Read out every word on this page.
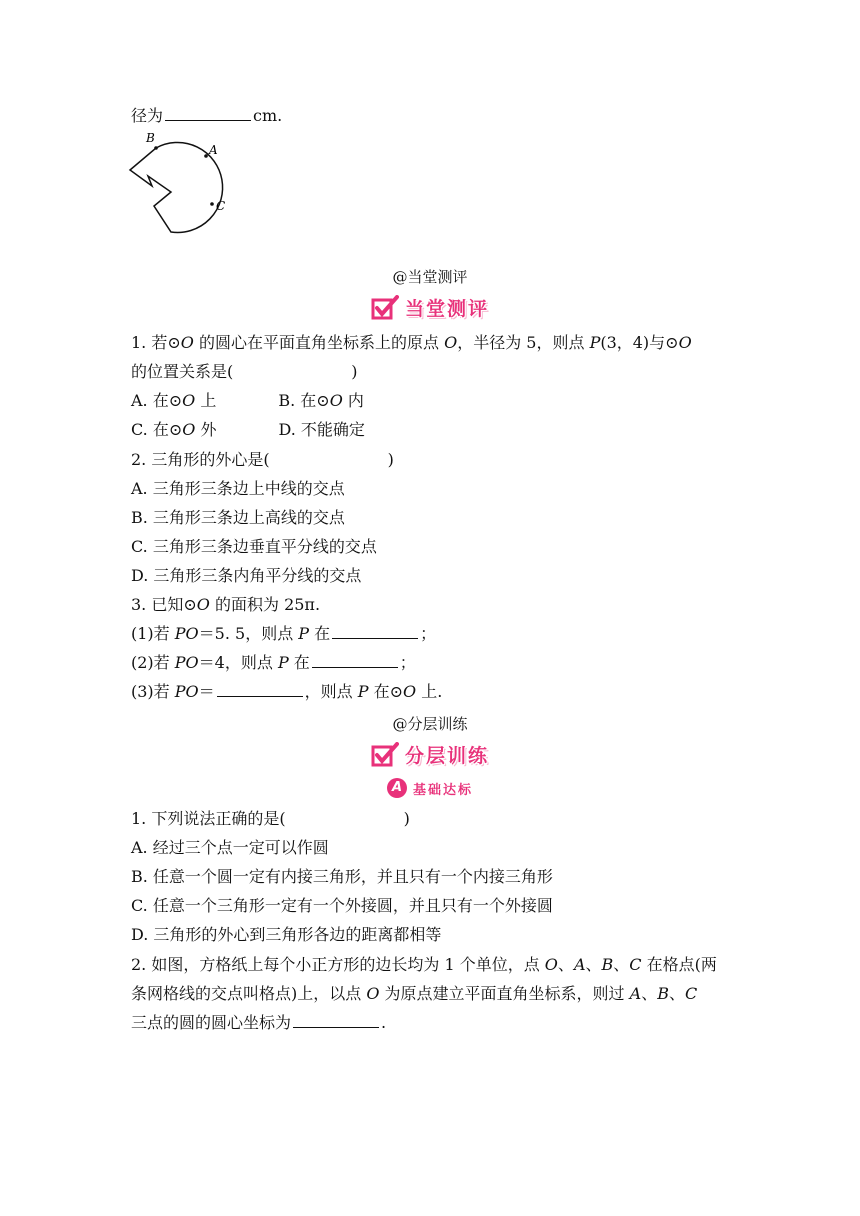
径为	cm.
B
A
C
@当堂测评
当堂测评
1. 若⊙O 的圆心在平面直角坐标系上的原点 O，半径为 5，则点 P(3，4)与⊙O
的位置关系是(	)
A. 在⊙O 上	B. 在⊙O 内
C. 在⊙O 外	D. 不能确定
2. 三角形的外心是(	)
A. 三角形三条边上中线的交点
B. 三角形三条边上高线的交点
C. 三角形三条边垂直平分线的交点
D. 三角形三条内角平分线的交点
3. 已知⊙O 的面积为 25π.
(1)若 PO＝5. 5，则点 P 在	；
(2)若 PO＝4，则点 P 在	；
(3)若 PO＝	，则点 P 在⊙O 上.
@分层训练
分层训练
A 基础达标
1. 下列说法正确的是(	)
A. 经过三个点一定可以作圆
B. 任意一个圆一定有内接三角形，并且只有一个内接三角形
C. 任意一个三角形一定有一个外接圆，并且只有一个外接圆
D. 三角形的外心到三角形各边的距离都相等
2. 如图，方格纸上每个小正方形的边长均为 1 个单位，点 O、A、B、C 在格点(两
条网格线的交点叫格点)上，以点 O 为原点建立平面直角坐标系，则过 A、B、C
三点的圆的圆心坐标为	.
